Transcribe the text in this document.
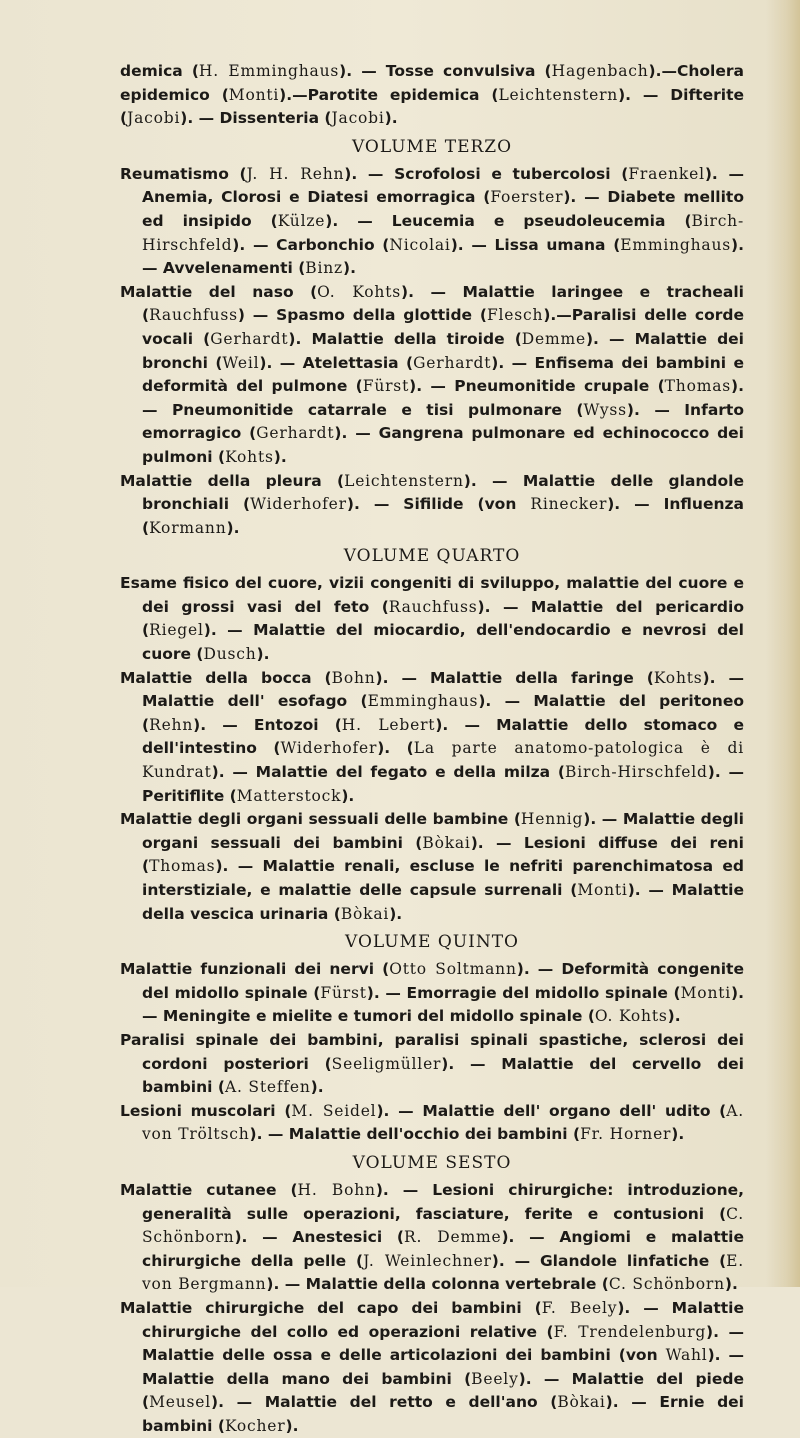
demica (H. Emminghaus). — Tosse convulsiva (Hagenbach).—Cholera epidemico (Monti).—Parotite epidemica (Leichtenstern). — Difterite (Jacobi). — Dissenteria (Jacobi).

VOLUME TERZO

Reumatismo (J. H. Rehn). — Scrofolosi e tubercolosi (Fraenkel). — Anemia, Clorosi e Diatesi emorragica (Foerster). — Diabete mellito ed insipido (Külze). — Leucemia e pseudoleucemia (Birch-Hirschfeld). — Carbonchio (Nicolai). — Lissa umana (Emminghaus). — Avvelenamenti (Binz).

Malattie del naso (O. Kohts). — Malattie laringee e tracheali (Rauchfuss) — Spasmo della glottide (Flesch).—Paralisi delle corde vocali (Gerhardt). Malattie della tiroide (Demme). — Malattie dei bronchi (Weil). — Atelettasia (Gerhardt). — Enfisema dei bambini e deformità del pulmone (Fürst). — Pneumonitide crupale (Thomas). — Pneumonitide catarrale e tisi pulmonare (Wyss). — Infarto emorragico (Gerhardt). — Gangrena pulmonare ed echinococco dei pulmoni (Kohts).

Malattie della pleura (Leichtenstern). — Malattie delle glandole bronchiali (Widerhofer). — Sifilide (von Rinecker). — Influenza (Kormann).

VOLUME QUARTO

Esame fisico del cuore, vizii congeniti di sviluppo, malattie del cuore e dei grossi vasi del feto (Rauchfuss). — Malattie del pericardio (Riegel). — Malattie del miocardio, dell'endocardio e nevrosi del cuore (Dusch).

Malattie della bocca (Bohn). — Malattie della faringe (Kohts). — Malattie dell' esofago (Emminghaus). — Malattie del peritoneo (Rehn). — Entozoi (H. Lebert). — Malattie dello stomaco e dell'intestino (Widerhofer). (La parte anatomo-patologica è di Kundrat). — Malattie del fegato e della milza (Birch-Hirschfeld). — Peritiflite (Matterstock).

Malattie degli organi sessuali delle bambine (Hennig). — Malattie degli organi sessuali dei bambini (Bòkai). — Lesioni diffuse dei reni (Thomas). — Malattie renali, escluse le nefriti parenchimatosa ed interstiziale, e malattie delle capsule surrenali (Monti). — Malattie della vescica urinaria (Bòkai).

VOLUME QUINTO

Malattie funzionali dei nervi (Otto Soltmann). — Deformità congenite del midollo spinale (Fürst). — Emorragie del midollo spinale (Monti). — Meningite e mielite e tumori del midollo spinale (O. Kohts).

Paralisi spinale dei bambini, paralisi spinali spastiche, sclerosi dei cordoni posteriori (Seeligmüller). — Malattie del cervello dei bambini (A. Steffen).

Lesioni muscolari (M. Seidel). — Malattie dell' organo dell' udito (A. von Tröltsch). — Malattie dell'occhio dei bambini (Fr. Horner).

VOLUME SESTO

Malattie cutanee (H. Bohn). — Lesioni chirurgiche: introduzione, generalità sulle operazioni, fasciature, ferite e contusioni (C. Schönborn). — Anestesici (R. Demme). — Angiomi e malattie chirurgiche della pelle (J. Weinlechner). — Glandole linfatiche (E. von Bergmann). — Malattie della colonna vertebrale (C. Schönborn).

Malattie chirurgiche del capo dei bambini (F. Beely). — Malattie chirurgiche del collo ed operazioni relative (F. Trendelenburg). — Malattie delle ossa e delle articolazioni dei bambini (von Wahl). — Malattie della mano dei bambini (Beely). — Malattie del piede (Meusel). — Malattie del retto e dell'ano (Bòkai). — Ernie dei bambini (Kocher).
